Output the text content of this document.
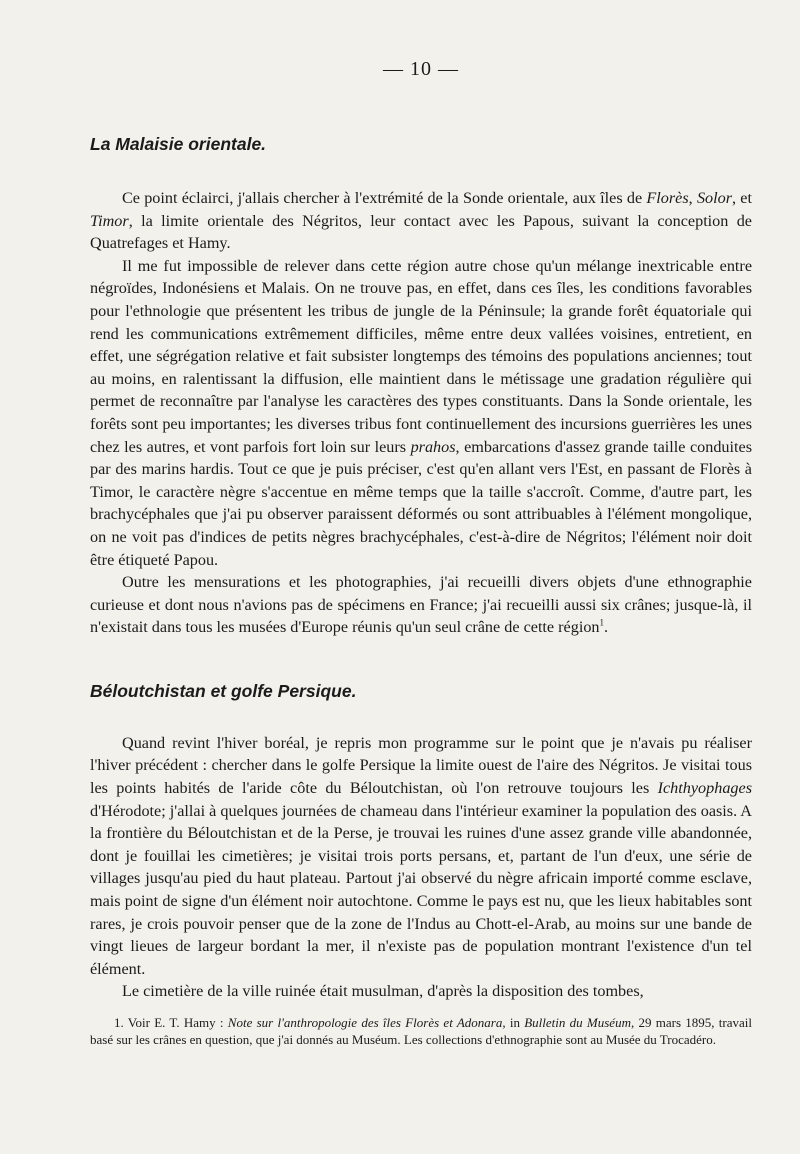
— 10 —
La Malaisie orientale.

Ce point éclairci, j'allais chercher à l'extrémité de la Sonde orientale, aux îles de Florès, Solor, et Timor, la limite orientale des Négritos, leur contact avec les Papous, suivant la conception de Quatrefages et Hamy.

Il me fut impossible de relever dans cette région autre chose qu'un mélange inextricable entre négroïdes, Indonésiens et Malais. On ne trouve pas, en effet, dans ces îles, les conditions favorables pour l'ethnologie que présentent les tribus de jungle de la Péninsule; la grande forêt équatoriale qui rend les communications extrêmement difficiles, même entre deux vallées voisines, entretient, en effet, une ségrégation relative et fait subsister longtemps des témoins des populations anciennes; tout au moins, en ralentissant la diffusion, elle maintient dans le métissage une gradation régulière qui permet de reconnaître par l'analyse les caractères des types constituants. Dans la Sonde orientale, les forêts sont peu importantes; les diverses tribus font continuellement des incursions guerrières les unes chez les autres, et vont parfois fort loin sur leurs prahos, embarcations d'assez grande taille conduites par des marins hardis. Tout ce que je puis préciser, c'est qu'en allant vers l'Est, en passant de Florès à Timor, le caractère nègre s'accentue en même temps que la taille s'accroît. Comme, d'autre part, les brachycéphales que j'ai pu observer paraissent déformés ou sont attribuables à l'élément mongolique, on ne voit pas d'indices de petits nègres brachycéphales, c'est-à-dire de Négritos; l'élément noir doit être étiqueté Papou.

Outre les mensurations et les photographies, j'ai recueilli divers objets d'une ethnographie curieuse et dont nous n'avions pas de spécimens en France; j'ai recueilli aussi six crânes; jusque-là, il n'existait dans tous les musées d'Europe réunis qu'un seul crâne de cette région$^1$.

Béloutchistan et golfe Persique.

Quand revint l'hiver boréal, je repris mon programme sur le point que je n'avais pu réaliser l'hiver précédent : chercher dans le golfe Persique la limite ouest de l'aire des Négritos. Je visitai tous les points habités de l'aride côte du Béloutchistan, où l'on retrouve toujours les Ichthyophages d'Hérodote; j'allai à quelques journées de chameau dans l'intérieur examiner la population des oasis. A la frontière du Béloutchistan et de la Perse, je trouvai les ruines d'une assez grande ville abandonnée, dont je fouillai les cimetières; je visitai trois ports persans, et, partant de l'un d'eux, une série de villages jusqu'au pied du haut plateau. Partout j'ai observé du nègre africain importé comme esclave, mais point de signe d'un élément noir autochtone. Comme le pays est nu, que les lieux habitables sont rares, je crois pouvoir penser que de la zone de l'Indus au Chott-el-Arab, au moins sur une bande de vingt lieues de largeur bordant la mer, il n'existe pas de population montrant l'existence d'un tel élément.

Le cimetière de la ville ruinée était musulman, d'après la disposition des tombes,

1. Voir E. T. Hamy : Note sur l'anthropologie des îles Florès et Adonara, in Bulletin du Muséum, 29 mars 1895, travail basé sur les crânes en question, que j'ai donnés au Muséum. Les collections d'ethnographie sont au Musée du Trocadéro.
